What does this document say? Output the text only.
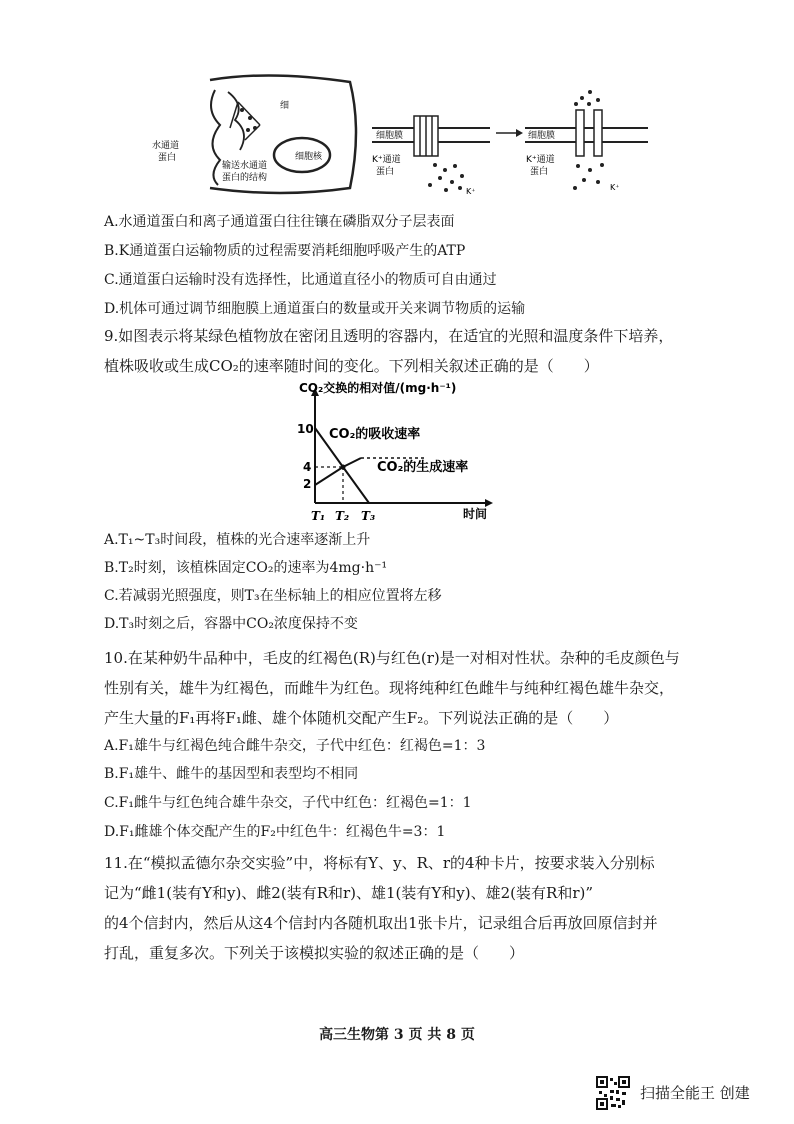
细
细胞核
水通道
蛋白
输送水通道
蛋白的结构
细胞膜
K⁺通道
蛋白
K⁺
细胞膜
K⁺通道
蛋白
K⁺
A.水通道蛋白和离子通道蛋白往往镶在磷脂双分子层表面
B.K通道蛋白运输物质的过程需要消耗细胞呼吸产生的ATP
C.通道蛋白运输时没有选择性，比通道直径小的物质可自由通过
D.机体可通过调节细胞膜上通道蛋白的数量或开关来调节物质的运输
9.如图表示将某绿色植物放在密闭且透明的容器内，在适宜的光照和温度条件下培养，
植株吸收或生成CO₂的速率随时间的变化。下列相关叙述正确的是（　　）
CO₂交换的相对值/(mg·h⁻¹)
时间
10
4
2
T₁ T₂ T₃
CO₂的吸收速率
CO₂的生成速率
A.T₁~T₃时间段，植株的光合速率逐渐上升
B.T₂时刻，该植株固定CO₂的速率为4mg·h⁻¹
C.若减弱光照强度，则T₃在坐标轴上的相应位置将左移
D.T₃时刻之后，容器中CO₂浓度保持不变
10.在某种奶牛品种中，毛皮的红褐色(R)与红色(r)是一对相对性状。杂种的毛皮颜色与
性别有关，雄牛为红褐色，而雌牛为红色。现将纯种红色雌牛与纯种红褐色雄牛杂交，
产生大量的F₁再将F₁雌、雄个体随机交配产生F₂。下列说法正确的是（　　）
A.F₁雄牛与红褐色纯合雌牛杂交，子代中红色：红褐色=1：3
B.F₁雄牛、雌牛的基因型和表型均不相同
C.F₁雌牛与红色纯合雄牛杂交，子代中红色：红褐色=1：1
D.F₁雌雄个体交配产生的F₂中红色牛：红褐色牛=3：1
11.在“模拟孟德尔杂交实验”中，将标有Y、y、R、r的4种卡片，按要求装入分别标
记为“雌1(装有Y和y)、雌2(装有R和r)、雄1(装有Y和y)、雄2(装有R和r)”
的4个信封内，然后从这4个信封内各随机取出1张卡片，记录组合后再放回原信封并
打乱，重复多次。下列关于该模拟实验的叙述正确的是（　　）
高三生物第 3 页 共 8 页
扫描全能王 创建
